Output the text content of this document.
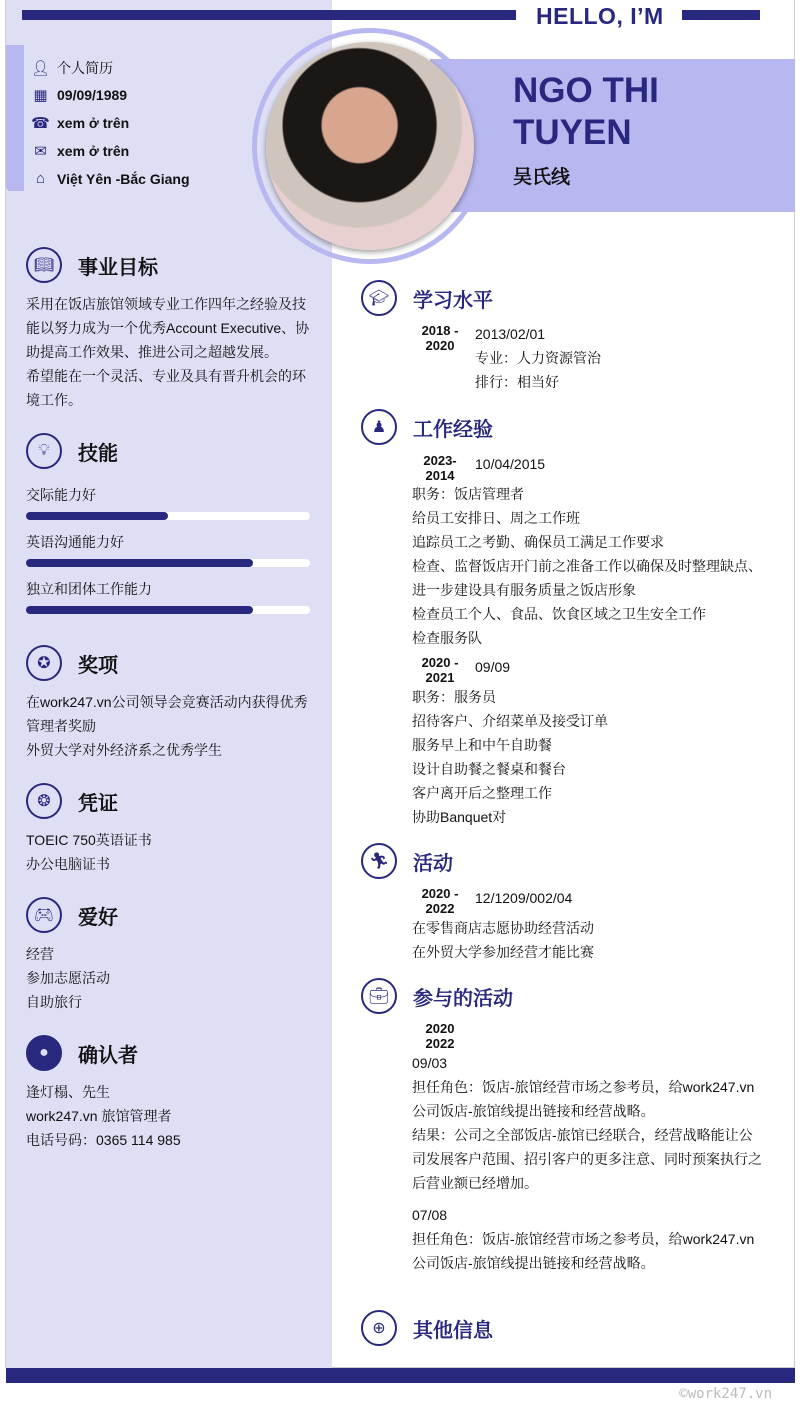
HELLO, I’M
NGO THI
TUYEN
吴氏线
👤︎ 个人简历
▦ 09/09/1989
☎ xem ở trên
✉ xem ở trên
⌂ Việt Yên -Bắc Giang
📖︎	事业目标
采用在饭店旅馆领域专业工作四年之经验及技
能以努力成为一个优秀Account Executive、协
助提高工作效果、推进公司之超越发展。
希望能在一个灵活、专业及具有晋升机会的环
境工作。
💡︎	技能
交际能力好
英语沟通能力好
独立和团体工作能力
✪	奖项
在work247.vn公司领导会竞赛活动内获得优秀
管理者奖励
外贸大学对外经济系之优秀学生
❂	凭证
TOEIC 750英语证书
办公电脑证书
🎮︎	爱好
经营
参加志愿活动
自助旅行
●	确认者
逢灯榻、先生
work247.vn 旅馆管理者
电话号码：0365 114 985
🎓︎	学习水平
2018 -
2020
2013/02/01
专业：人力资源管治
排行：相当好
♟	工作经验
2023-
2014
10/04/2015
职务：饭店管理者
给员工安排日、周之工作班
追踪员工之考勤、确保员工满足工作要求
检查、监督饭店开门前之准备工作以确保及时整理缺点、
进一步建设具有服务质量之饭店形象
检查员工个人、食品、饮食区域之卫生安全工作
检查服务队
2020 -
2021
09/09
职务：服务员
招待客户、介绍菜单及接受订单
服务早上和中午自助餐
设计自助餐之餐桌和餐台
客户离开后之整理工作
协助Banquet对
🏃︎	活动
2020 -
2022
12/1209/002/04
在零售商店志愿协助经营活动
在外贸大学参加经营才能比赛
💼︎	参与的活动
2020
2022
09/03
担任角色：饭店-旅馆经营市场之参考员，给work247.vn
公司饭店-旅馆线提出链接和经营战略。
结果：公司之全部饭店-旅馆已经联合，经营战略能让公
司发展客户范围、招引客户的更多注意、同时预案执行之
后营业额已经增加。
07/08
担任角色：饭店-旅馆经营市场之参考员，给work247.vn
公司饭店-旅馆线提出链接和经营战略。
⊕	其他信息
©work247.vn
